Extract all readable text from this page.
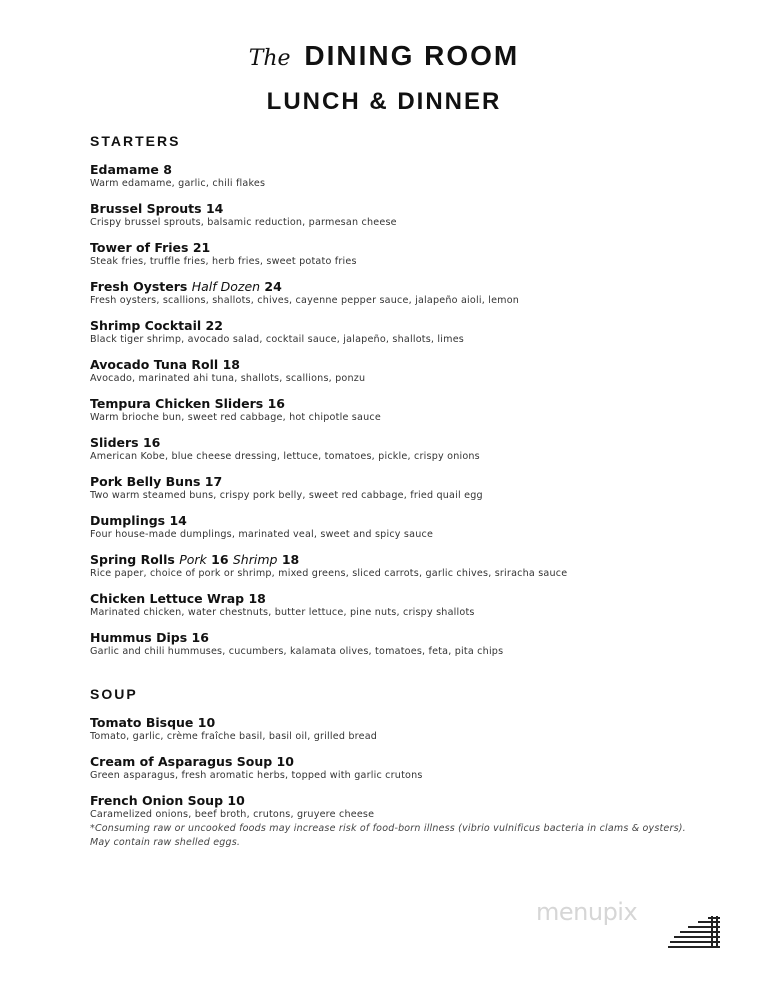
The DINING ROOM
LUNCH & DINNER
STARTERS
Edamame 8
Warm edamame, garlic, chili flakes
Brussel Sprouts 14
Crispy brussel sprouts, balsamic reduction, parmesan cheese
Tower of Fries 21
Steak fries, truffle fries, herb fries, sweet potato fries
Fresh Oysters Half Dozen 24
Fresh oysters, scallions, shallots, chives, cayenne pepper sauce, jalapeño aioli, lemon
Shrimp Cocktail 22
Black tiger shrimp, avocado salad, cocktail sauce, jalapeño, shallots, limes
Avocado Tuna Roll 18
Avocado, marinated ahi tuna, shallots, scallions, ponzu
Tempura Chicken Sliders 16
Warm brioche bun, sweet red cabbage, hot chipotle sauce
Sliders 16
American Kobe, blue cheese dressing, lettuce, tomatoes, pickle, crispy onions
Pork Belly Buns 17
Two warm steamed buns, crispy pork belly, sweet red cabbage, fried quail egg
Dumplings 14
Four house-made dumplings, marinated veal, sweet and spicy sauce
Spring Rolls Pork 16 Shrimp 18
Rice paper, choice of pork or shrimp, mixed greens, sliced carrots, garlic chives, sriracha sauce
Chicken Lettuce Wrap 18
Marinated chicken, water chestnuts, butter lettuce, pine nuts, crispy shallots
Hummus Dips 16
Garlic and chili hummuses, cucumbers, kalamata olives, tomatoes, feta, pita chips
SOUP
Tomato Bisque 10
Tomato, garlic, crème fraîche basil, basil oil, grilled bread
Cream of Asparagus Soup 10
Green asparagus, fresh aromatic herbs, topped with garlic crutons
French Onion Soup 10
Caramelized onions, beef broth, crutons, gruyere cheese
*Consuming raw or uncooked foods may increase risk of food-born illness (vibrio vulnificus bacteria in clams & oysters).
May contain raw shelled eggs.
menupix
